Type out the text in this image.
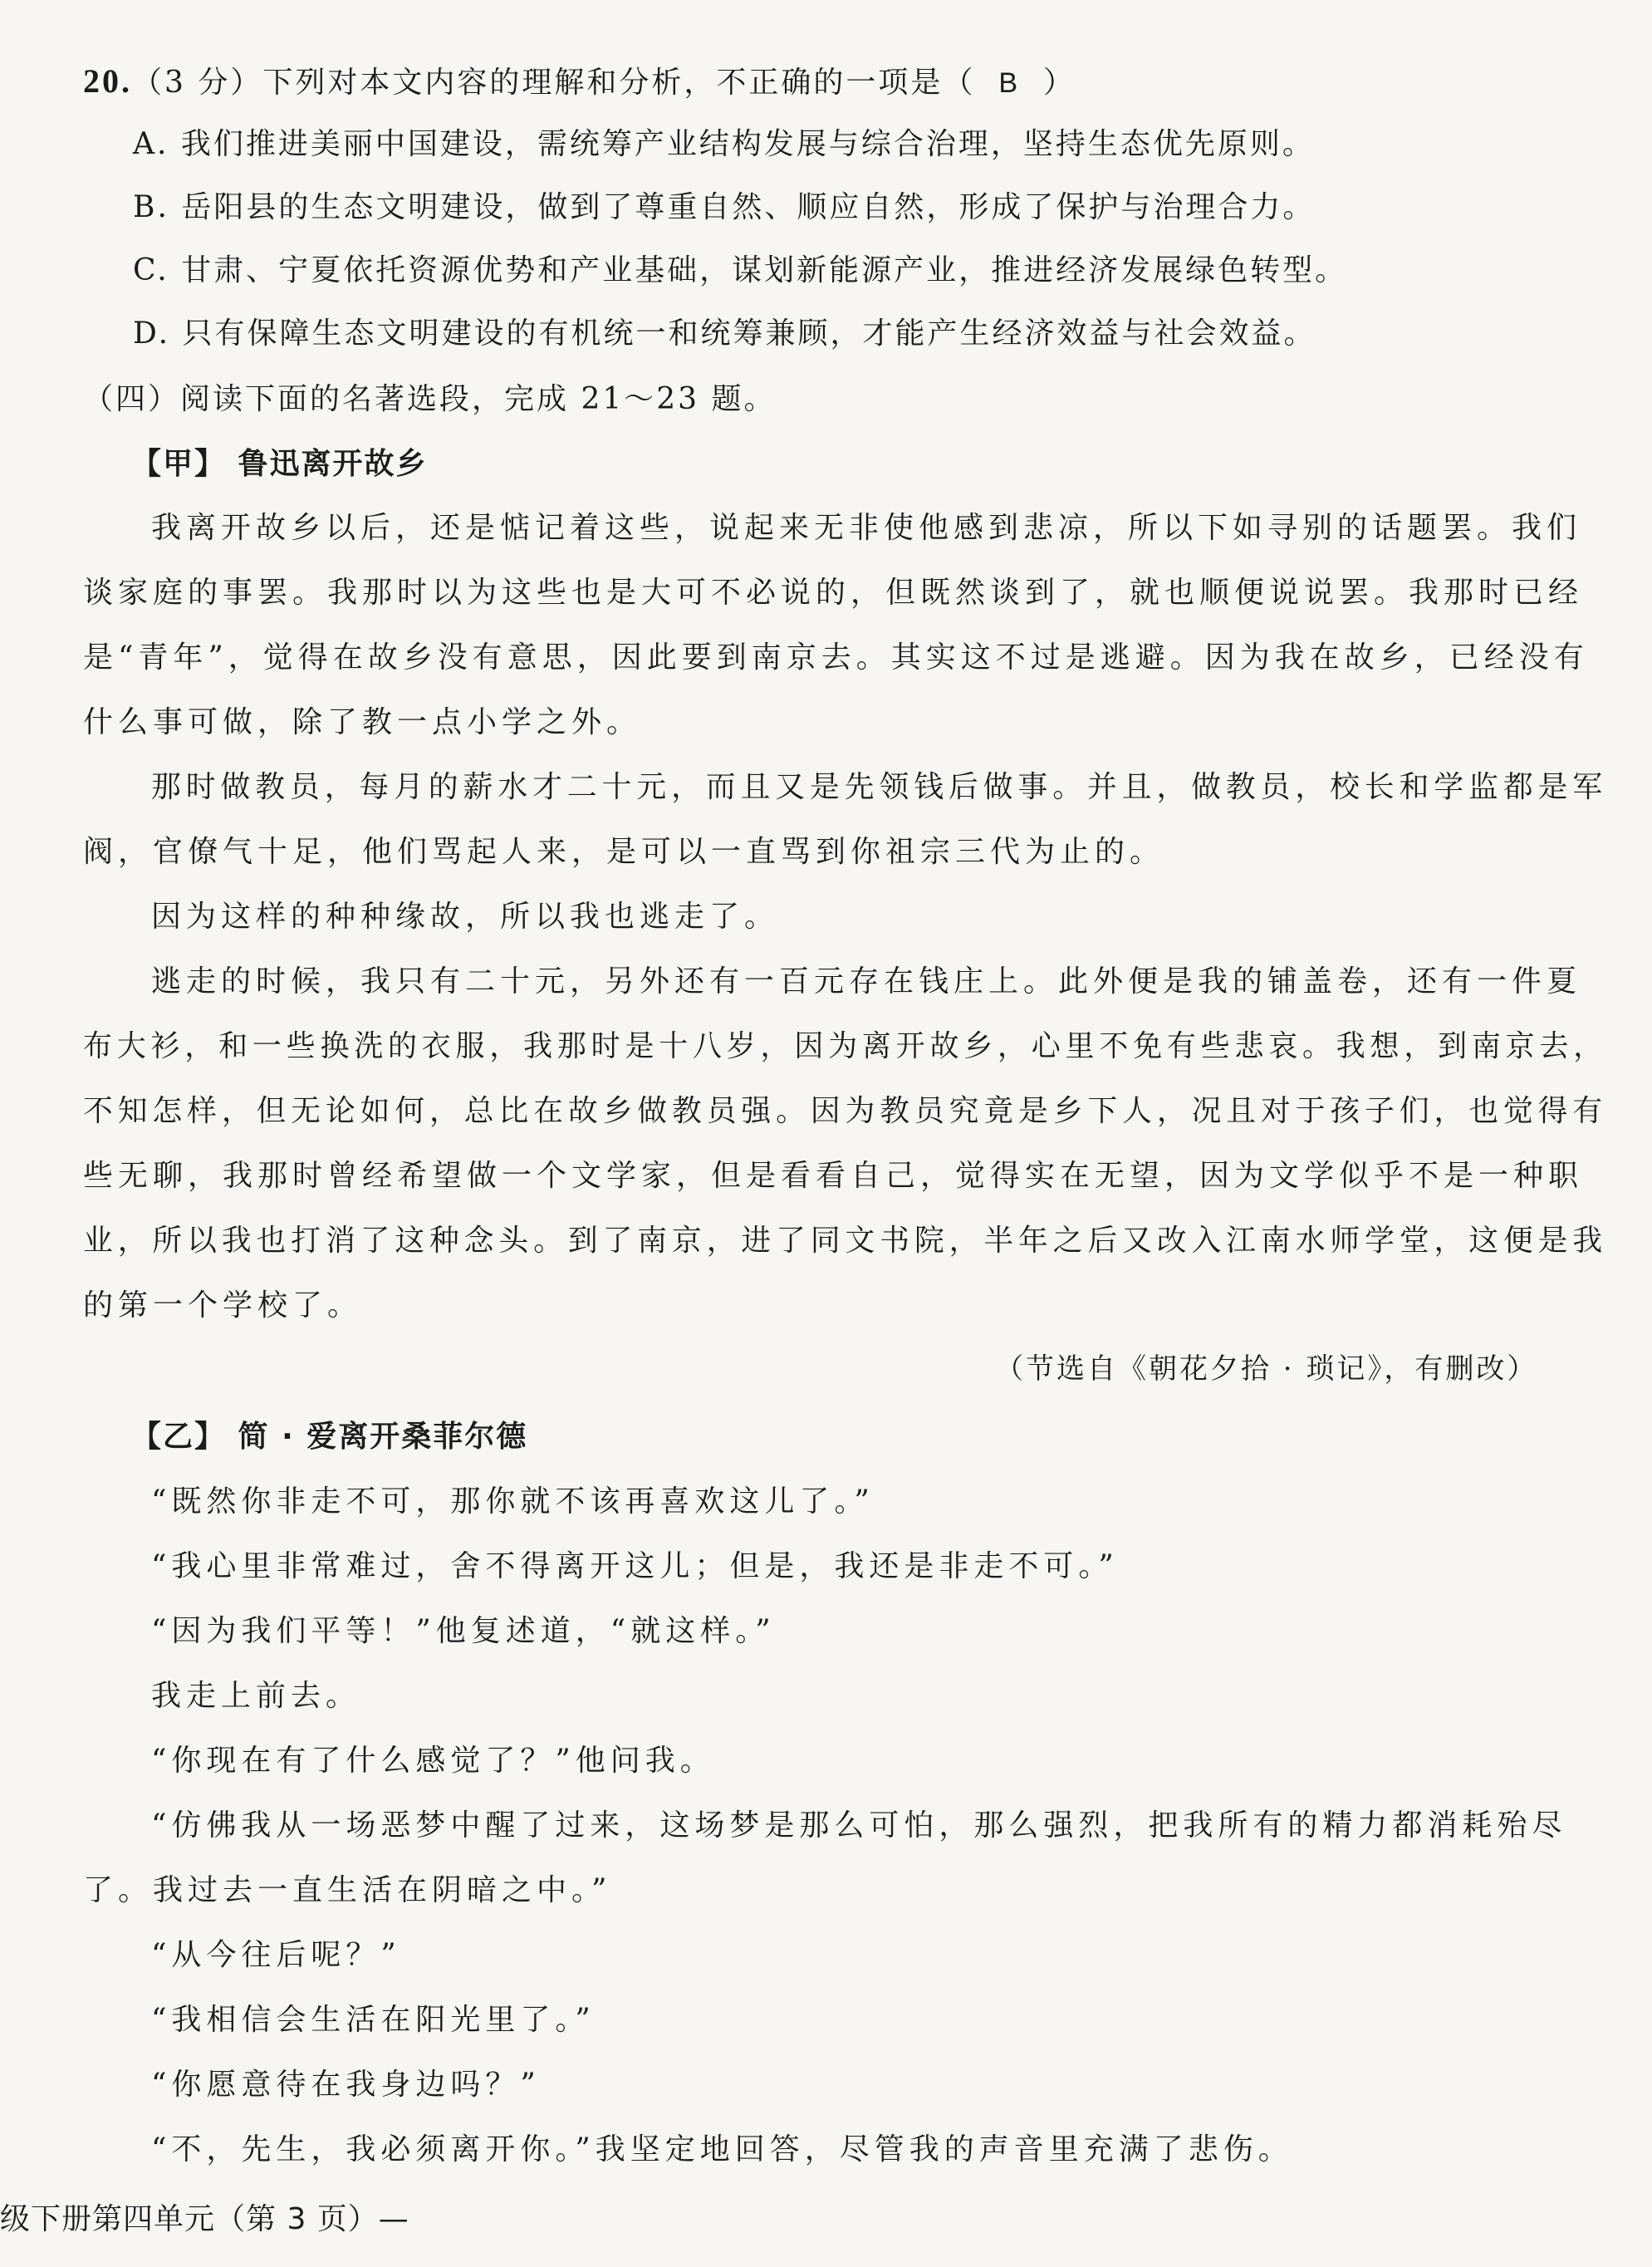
20.（3 分）下列对本文内容的理解和分析，不正确的一项是（ B ）
A. 我们推进美丽中国建设，需统筹产业结构发展与综合治理，坚持生态优先原则。
B. 岳阳县的生态文明建设，做到了尊重自然、顺应自然，形成了保护与治理合力。
C. 甘肃、宁夏依托资源优势和产业基础，谋划新能源产业，推进经济发展绿色转型。
D. 只有保障生态文明建设的有机统一和统筹兼顾，才能产生经济效益与社会效益。
（四）阅读下面的名著选段，完成 21～23 题。
【甲】 鲁迅离开故乡
我离开故乡以后，还是惦记着这些，说起来无非使他感到悲凉，所以下如寻别的话题罢。我们
谈家庭的事罢。我那时以为这些也是大可不必说的，但既然谈到了，就也顺便说说罢。我那时已经
是“青年”，觉得在故乡没有意思，因此要到南京去。其实这不过是逃避。因为我在故乡，已经没有
什么事可做，除了教一点小学之外。
那时做教员，每月的薪水才二十元，而且又是先领钱后做事。并且，做教员，校长和学监都是军
阀，官僚气十足，他们骂起人来，是可以一直骂到你祖宗三代为止的。
因为这样的种种缘故，所以我也逃走了。
逃走的时候，我只有二十元，另外还有一百元存在钱庄上。此外便是我的铺盖卷，还有一件夏
布大衫，和一些换洗的衣服，我那时是十八岁，因为离开故乡，心里不免有些悲哀。我想，到南京去，
不知怎样，但无论如何，总比在故乡做教员强。因为教员究竟是乡下人，况且对于孩子们，也觉得有
些无聊，我那时曾经希望做一个文学家，但是看看自己，觉得实在无望，因为文学似乎不是一种职
业，所以我也打消了这种念头。到了南京，进了同文书院，半年之后又改入江南水师学堂，这便是我
的第一个学校了。
（节选自《朝花夕拾 · 琐记》，有删改）
【乙】 简 · 爱离开桑菲尔德
“既然你非走不可，那你就不该再喜欢这儿了。”
“我心里非常难过，舍不得离开这儿；但是，我还是非走不可。”
“因为我们平等！”他复述道，“就这样。”
我走上前去。
“你现在有了什么感觉了？”他问我。
“仿佛我从一场恶梦中醒了过来，这场梦是那么可怕，那么强烈，把我所有的精力都消耗殆尽
了。我过去一直生活在阴暗之中。”
“从今往后呢？”
“我相信会生活在阳光里了。”
“你愿意待在我身边吗？”
“不，先生，我必须离开你。”我坚定地回答，尽管我的声音里充满了悲伤。
级下册第四单元（第 3 页）—
